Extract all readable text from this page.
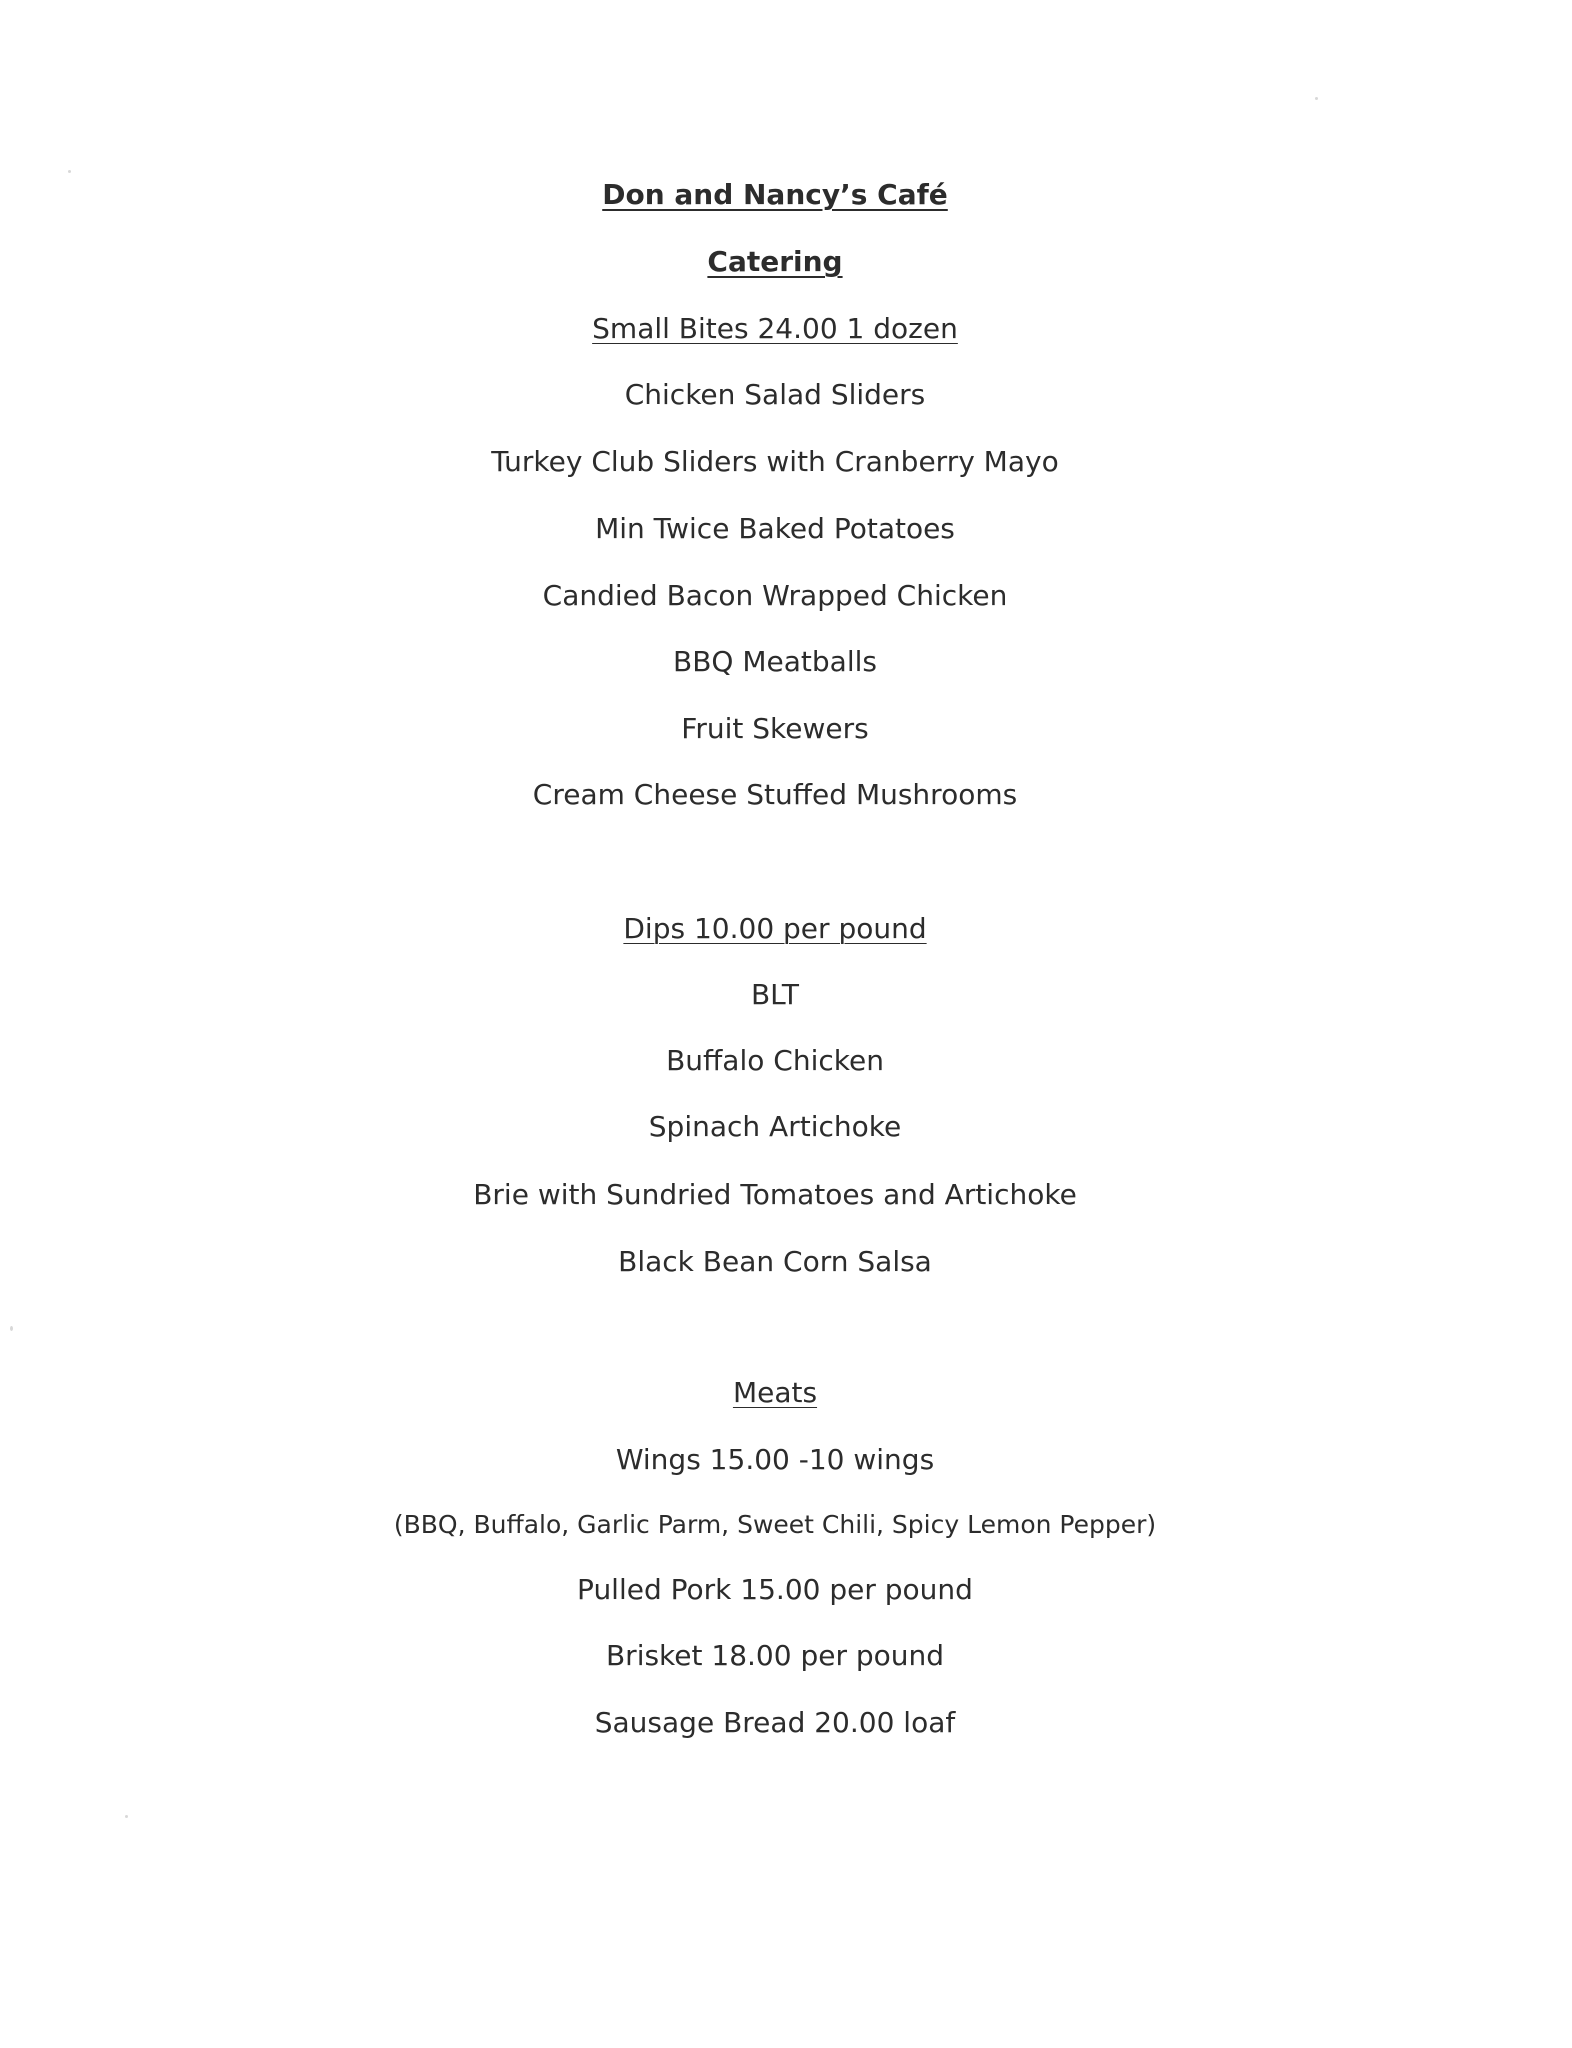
Don and Nancy’s Café
Catering
Small Bites 24.00 1 dozen
Chicken Salad Sliders
Turkey Club Sliders with Cranberry Mayo
Min Twice Baked Potatoes
Candied Bacon Wrapped Chicken
BBQ Meatballs
Fruit Skewers
Cream Cheese Stuffed Mushrooms
Dips 10.00 per pound
BLT
Buffalo Chicken
Spinach Artichoke
Brie with Sundried Tomatoes and Artichoke
Black Bean Corn Salsa
Meats
Wings 15.00 -10 wings
(BBQ, Buffalo, Garlic Parm, Sweet Chili, Spicy Lemon Pepper)
Pulled Pork 15.00 per pound
Brisket 18.00 per pound
Sausage Bread 20.00 loaf
